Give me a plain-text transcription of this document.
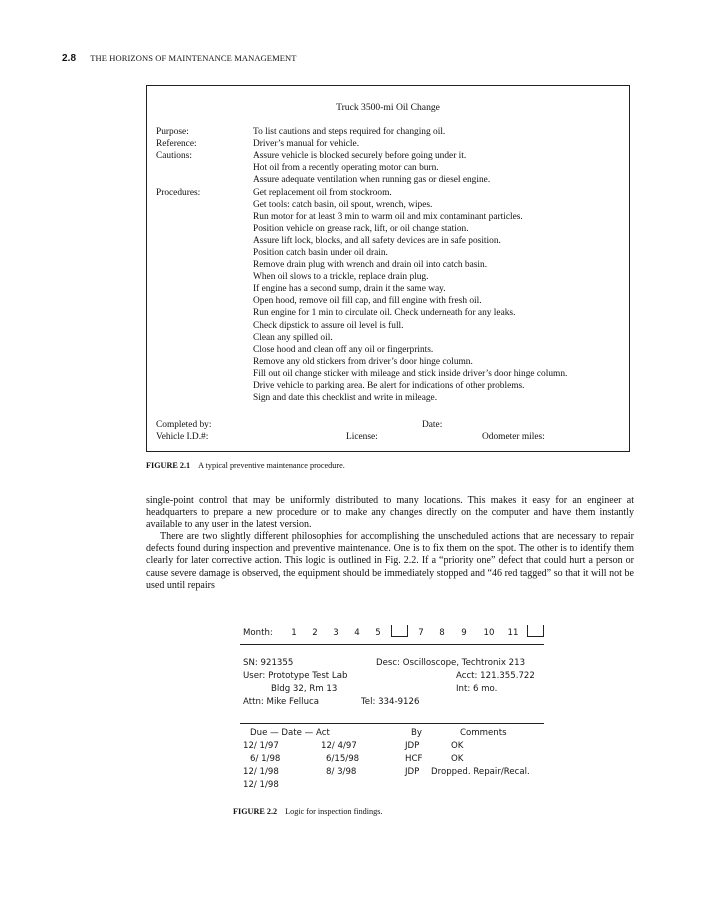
2.8 THE HORIZONS OF MAINTENANCE MANAGEMENT
Truck 3500-mi Oil Change
Purpose:	To list cautions and steps required for changing oil.
Reference:	Driver’s manual for vehicle.
Cautions:	Assure vehicle is blocked securely before going under it.
Hot oil from a recently operating motor can burn.
Assure adequate ventilation when running gas or diesel engine.
Procedures:	Get replacement oil from stockroom.
Get tools: catch basin, oil spout, wrench, wipes.
Run motor for at least 3 min to warm oil and mix contaminant particles.
Position vehicle on grease rack, lift, or oil change station.
Assure lift lock, blocks, and all safety devices are in safe position.
Position catch basin under oil drain.
Remove drain plug with wrench and drain oil into catch basin.
When oil slows to a trickle, replace drain plug.
If engine has a second sump, drain it the same way.
Open hood, remove oil fill cap, and fill engine with fresh oil.
Run engine for 1 min to circulate oil. Check underneath for any leaks.
Check dipstick to assure oil level is full.
Clean any spilled oil.
Close hood and clean off any oil or fingerprints.
Remove any old stickers from driver’s door hinge column.
Fill out oil change sticker with mileage and stick inside driver’s door hinge column.
Drive vehicle to parking area. Be alert for indications of other problems.
Sign and date this checklist and write in mileage.
Completed by:	Date:
Vehicle I.D.#:	License:	Odometer miles:
FIGURE 2.1 A typical preventive maintenance procedure.

single-point control that may be uniformly distributed to many locations. This makes it easy for an engineer at headquarters to prepare a new procedure or to make any changes directly on the computer and have them instantly available to any user in the latest version.

There are two slightly different philosophies for accomplishing the unscheduled actions that are necessary to repair defects found during inspection and preventive maintenance. One is to fix them on the spot. The other is to identify them clearly for later corrective action. This logic is outlined in Fig. 2.2. If a “priority one” defect that could hurt a person or cause severe damage is observed, the equipment should be immediately stopped and “46 red tagged” so that it will not be used until repairs

Month:	1	2	3	4	5	7	8	9	10 11
SN: 921355	Desc: Oscilloscope, Techtronix 213
User: Prototype Test Lab	Acct: 121.355.722
Bldg 32, Rm 13	Int: 6 mo.
Attn: Mike Felluca	Tel: 334-9126
Due — Date — Act	By	Comments
12/ 1/97	12/ 4/97	JDP	OK
6/ 1/98	6/15/98	HCF	OK
12/ 1/98	8/ 3/98	JDP Dropped. Repair/Recal.
12/ 1/98
FIGURE 2.2 Logic for inspection findings.
